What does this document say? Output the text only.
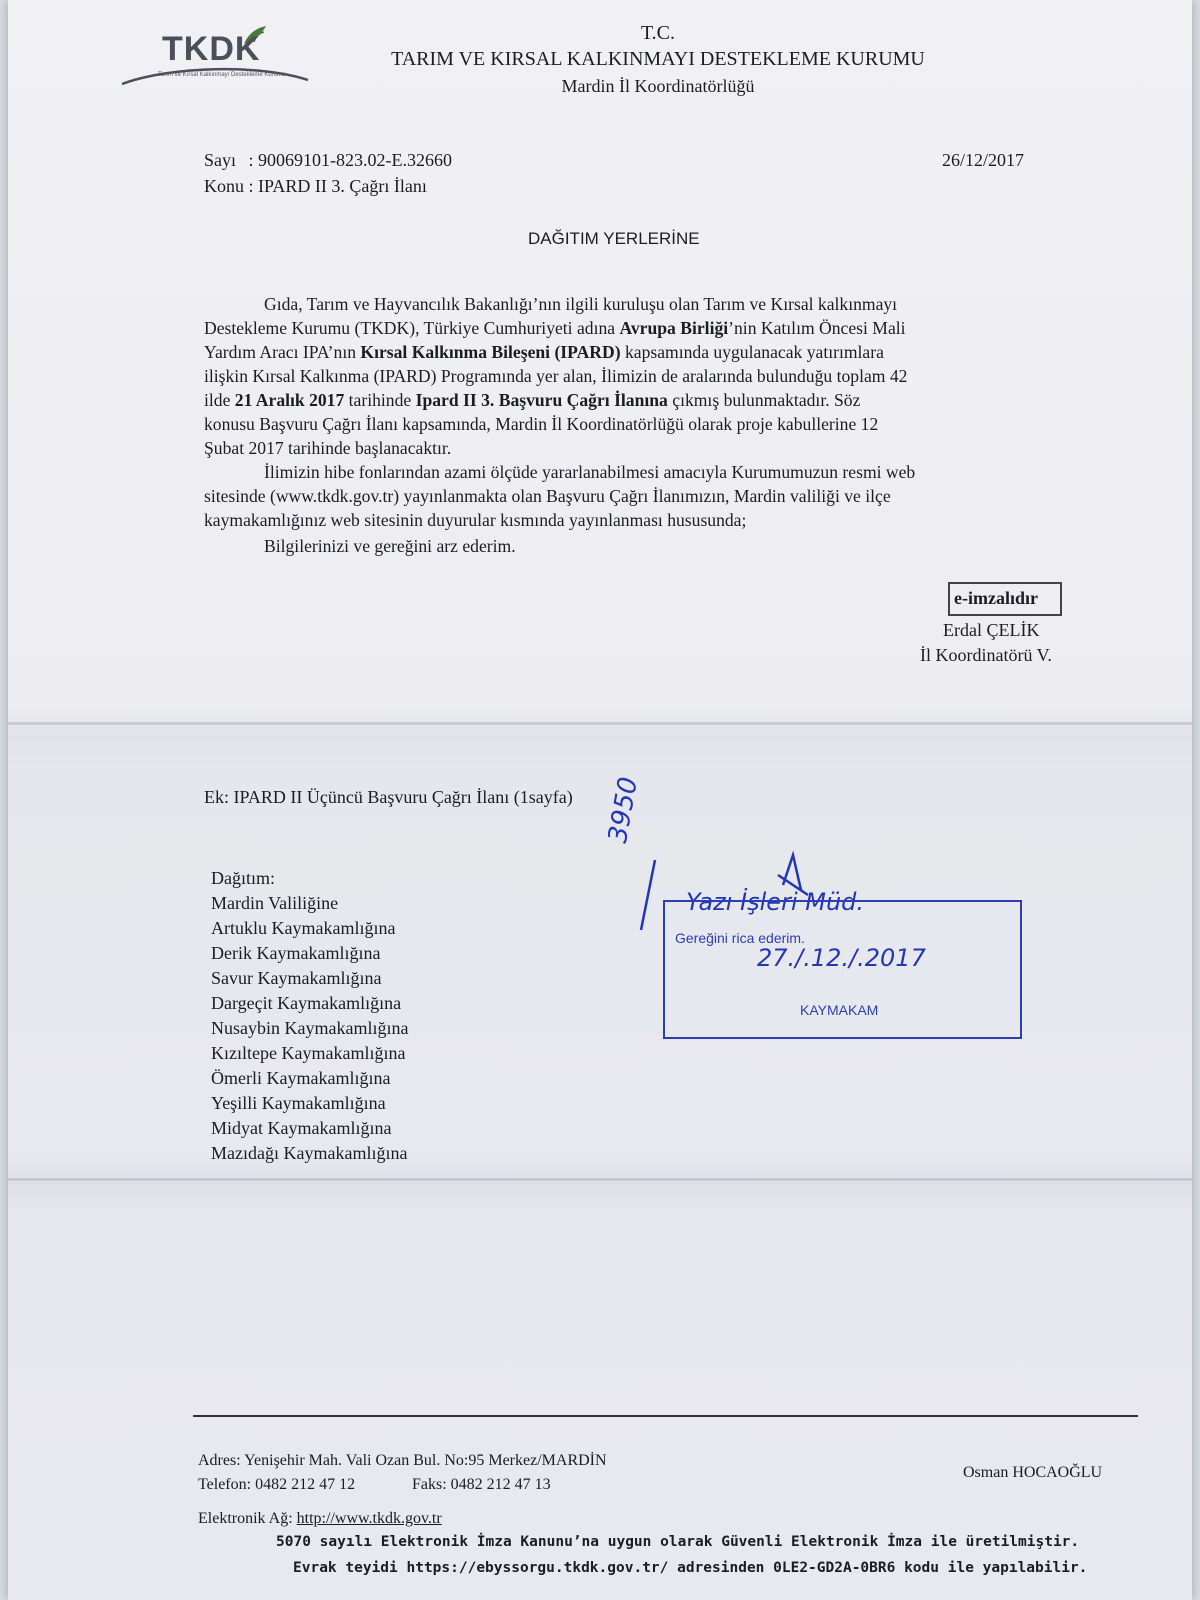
TKDK
Tarım ve Kırsal Kalkınmayı Destekleme Kurumu
T.C.
TARIM VE KIRSAL KALKINMAYI DESTEKLEME KURUMU
Mardin İl Koordinatörlüğü
Sayı : 90069101-823.02-E.32660
Konu : IPARD II 3. Çağrı İlanı
26/12/2017
DAĞITIM YERLERİNE
Gıda, Tarım ve Hayvancılık Bakanlığı’nın ilgili kuruluşu olan Tarım ve Kırsal kalkınmayı
Destekleme Kurumu (TKDK), Türkiye Cumhuriyeti adına Avrupa Birliği’nin Katılım Öncesi Mali
Yardım Aracı IPA’nın Kırsal Kalkınma Bileşeni (IPARD) kapsamında uygulanacak yatırımlara
ilişkin Kırsal Kalkınma (IPARD) Programında yer alan, İlimizin de aralarında bulunduğu toplam 42
ilde 21 Aralık 2017 tarihinde Ipard II 3. Başvuru Çağrı İlanına çıkmış bulunmaktadır. Söz
konusu Başvuru Çağrı İlanı kapsamında, Mardin İl Koordinatörlüğü olarak proje kabullerine 12
Şubat 2017 tarihinde başlanacaktır.
İlimizin hibe fonlarından azami ölçüde yararlanabilmesi amacıyla Kurumumuzun resmi web
sitesinde (www.tkdk.gov.tr) yayınlanmakta olan Başvuru Çağrı İlanımızın, Mardin valiliği ve ilçe
kaymakamlığınız web sitesinin duyurular kısmında yayınlanması hususunda;
Bilgilerinizi ve gereğini arz ederim.
e-imzalıdır
Erdal ÇELİK
İl Koordinatörü V.
Ek: IPARD II Üçüncü Başvuru Çağrı İlanı (1sayfa)
Dağıtım:
Mardin Valiliğine
Artuklu Kaymakamlığına
Derik Kaymakamlığına
Savur Kaymakamlığına
Dargeçit Kaymakamlığına
Nusaybin Kaymakamlığına
Kızıltepe Kaymakamlığına
Ömerli Kaymakamlığına
Yeşilli Kaymakamlığına
Midyat Kaymakamlığına
Mazıdağı Kaymakamlığına
3950
Yazı İşleri Müd.
Gereğini rica ederim.
27./.12./.2017
KAYMAKAM
Adres: Yenişehir Mah. Vali Ozan Bul. No:95 Merkez/MARDİN
Telefon: 0482 212 47 12	Faks: 0482 212 47 13
Elektronik Ağ: http://www.tkdk.gov.tr
Osman HOCAOĞLU
5070 sayılı Elektronik İmza Kanunu’na uygun olarak Güvenli Elektronik İmza ile üretilmiştir.
Evrak teyidi https://ebyssorgu.tkdk.gov.tr/ adresinden 0LE2-GD2A-0BR6 kodu ile yapılabilir.
